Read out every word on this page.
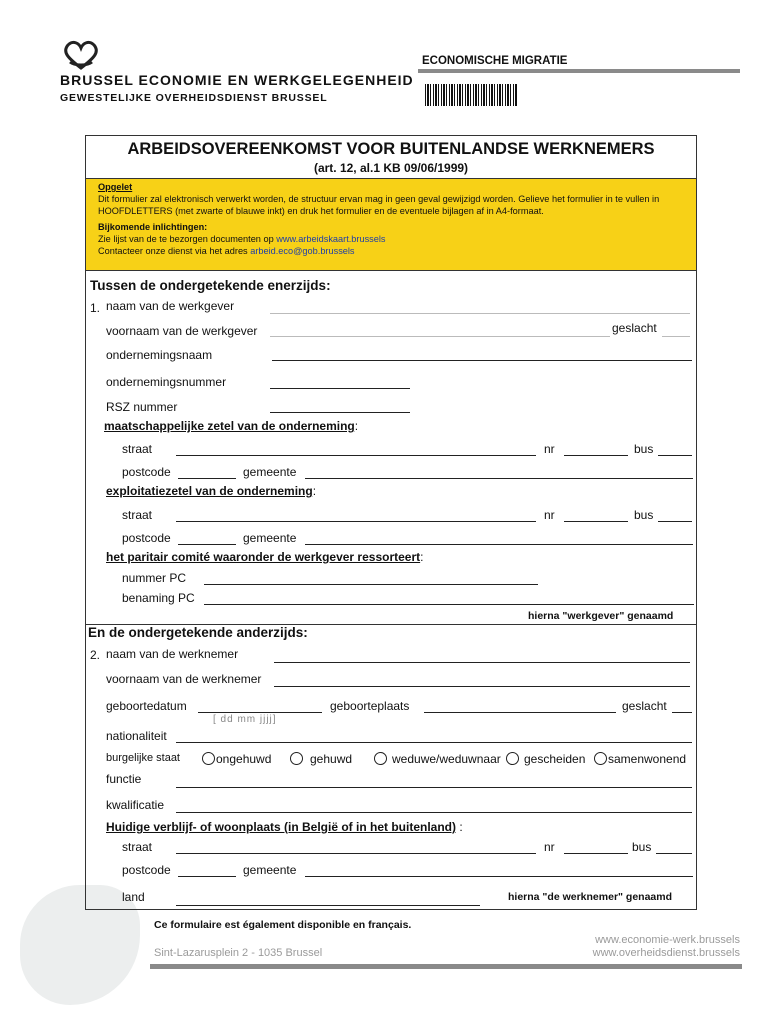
BRUSSEL ECONOMIE EN WERKGELEGENHEID
GEWESTELIJKE OVERHEIDSDIENST BRUSSEL
ECONOMISCHE MIGRATIE
ARBEIDSOVEREENKOMST VOOR BUITENLANDSE WERKNEMERS
(art. 12, al.1 KB 09/06/1999)
Opgelet
Dit formulier zal elektronisch verwerkt worden, de structuur ervan mag in geen geval gewijzigd worden. Gelieve het formulier in te vullen in HOOFDLETTERS (met zwarte of blauwe inkt) en druk het formulier en de eventuele bijlagen af in A4-formaat.
Bijkomende inlichtingen:
Zie lijst van de te bezorgen documenten op www.arbeidskaart.brussels
Contacteer onze dienst via het adres arbeid.eco@gob.brussels
Tussen de ondergetekende enerzijds:
1. naam van de werkgever
voornaam van de werkgever	geslacht
ondernemingsnaam
ondernemingsnummer
RSZ nummer
maatschappelijke zetel van de onderneming:
straat	nr	bus
postcode	gemeente
exploitatiezetel van de onderneming:
straat	nr	bus
postcode	gemeente
het paritair comité waaronder de werkgever ressorteert:
nummer PC
benaming PC
hierna "werkgever" genaamd
En de ondergetekende anderzijds:
2. naam van de werknemer
voornaam van de werknemer
geboortedatum
[ dd mm jjjj]
geboorteplaats	geslacht
nationaliteit
burgelijke staat	ongehuwd	gehuwd	weduwe/weduwnaar gescheiden samenwonend
functie
kwalificatie
Huidige verblijf- of woonplaats (in België of in het buitenland) :
straat	nr	bus
postcode	gemeente
land	hierna "de werknemer" genaamd
Ce formulaire est également disponible en français.
www.economie-werk.brussels
Sint-Lazarusplein 2 - 1035 Brussel	www.overheidsdienst.brussels
